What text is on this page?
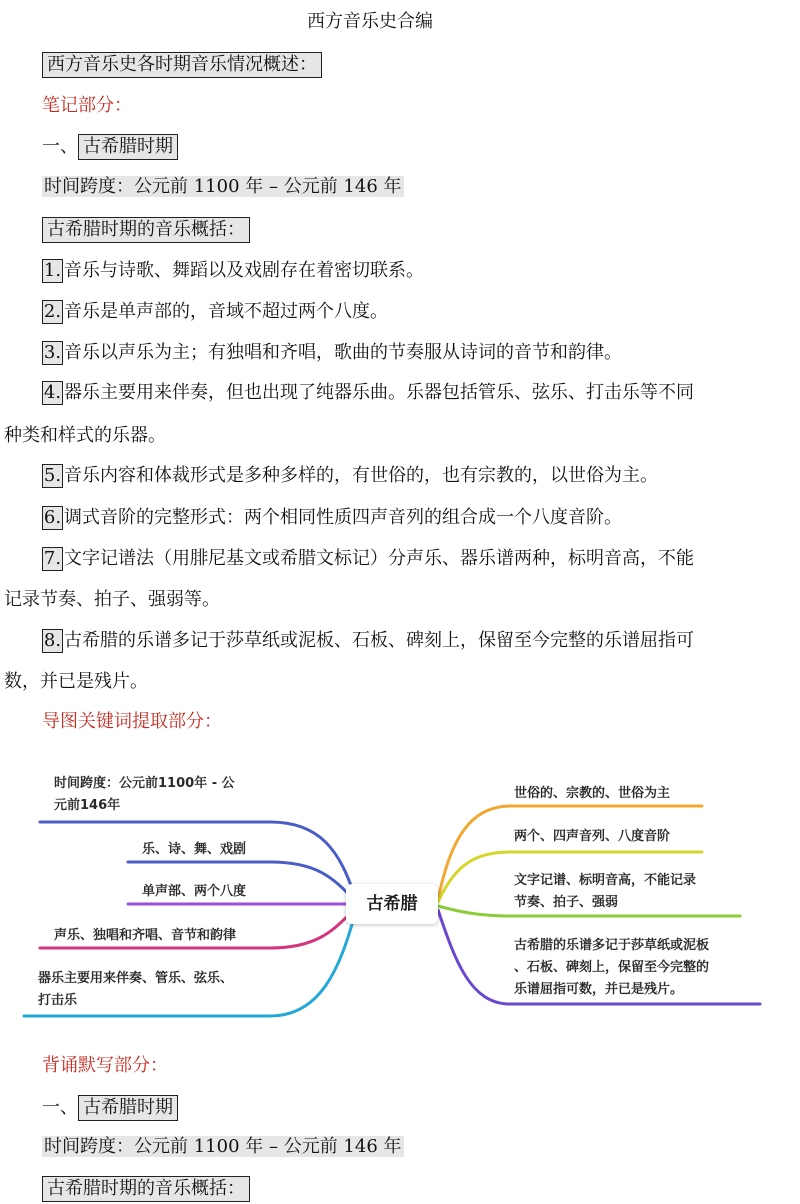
西方音乐史合编
西方音乐史各时期音乐情况概述：
笔记部分：
一、 古希腊时期
时间跨度：公元前 1100 年 – 公元前 146 年
古希腊时期的音乐概括：
1. 音乐与诗歌、舞蹈以及戏剧存在着密切联系。
2. 音乐是单声部的，音域不超过两个八度。
3. 音乐以声乐为主；有独唱和齐唱，歌曲的节奏服从诗词的音节和韵律。
4. 器乐主要用来伴奏，但也出现了纯器乐曲。乐器包括管乐、弦乐、打击乐等不同
种类和样式的乐器。
5. 音乐内容和体裁形式是多种多样的，有世俗的，也有宗教的，以世俗为主。
6. 调式音阶的完整形式：两个相同性质四声音列的组合成一个八度音阶。
7. 文字记谱法（用腓尼基文或希腊文标记）分声乐、器乐谱两种，标明音高，不能
记录节奏、拍子、强弱等。
8. 古希腊的乐谱多记于莎草纸或泥板、石板、碑刻上，保留至今完整的乐谱屈指可
数，并已是残片。
导图关键词提取部分：
古希腊
时间跨度：公元前1100年 - 公
元前146年
乐、诗、舞、戏剧
单声部、两个八度
声乐、独唱和齐唱、音节和韵律
器乐主要用来伴奏、管乐、弦乐、
打击乐
世俗的、宗教的、世俗为主
两个、四声音列、八度音阶
文字记谱、标明音高，不能记录
节奏、拍子、强弱
古希腊的乐谱多记于莎草纸或泥板
、石板、碑刻上，保留至今完整的
乐谱屈指可数，并已是残片。
背诵默写部分：
一、 古希腊时期
时间跨度：公元前 1100 年 – 公元前 146 年
古希腊时期的音乐概括：
